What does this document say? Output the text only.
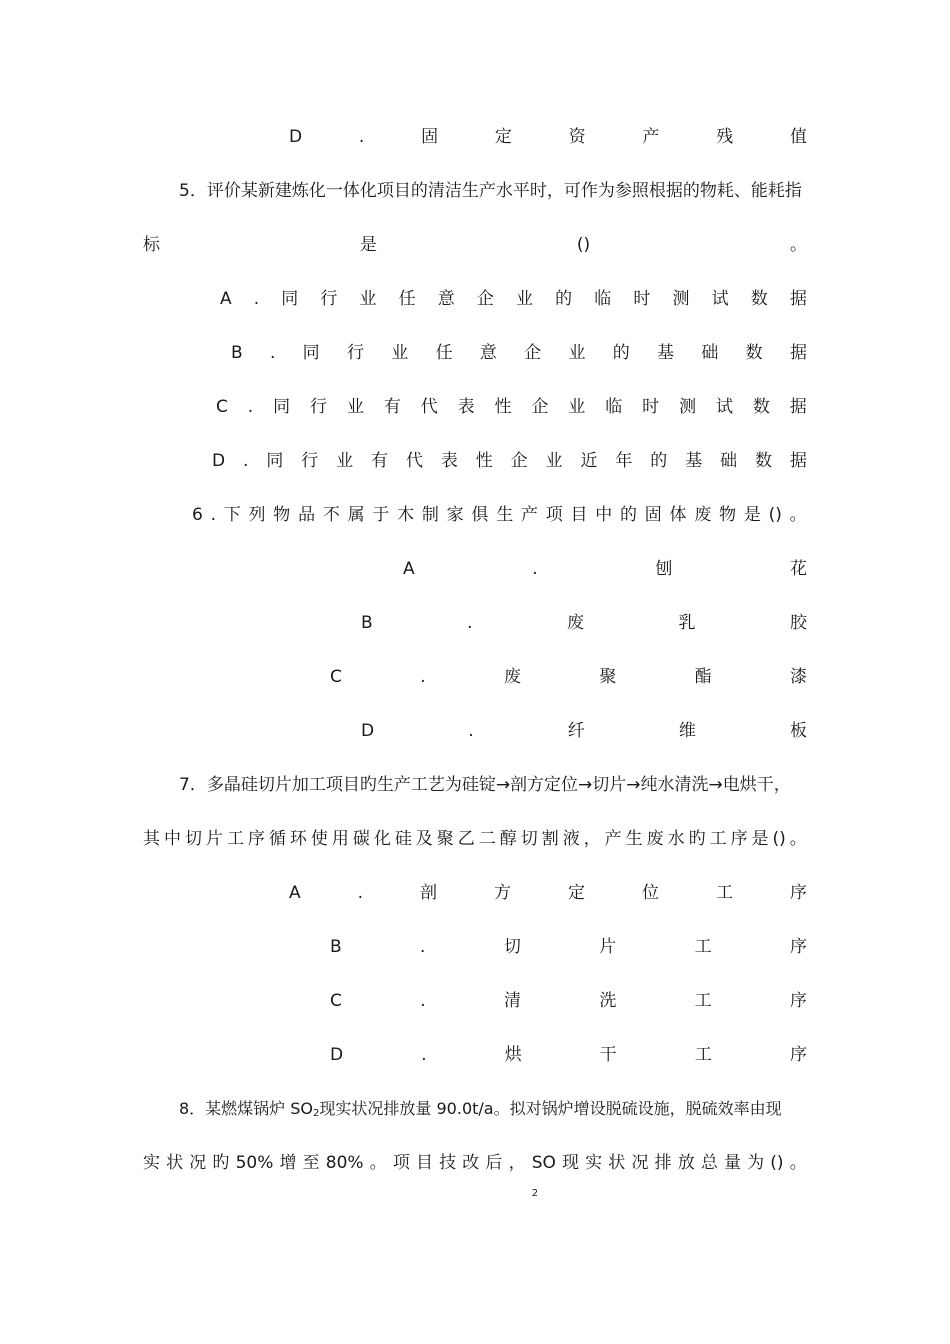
D	.	固	定	资	产	残	值
5．评价某新建炼化一体化项目的清洁生产水平时，可作为参照根据的物耗、能耗指
标	是	()	。
A . 同 行 业 任 意 企 业 的 临 时 测 试 数 据
B . 同 行 业 任 意 企 业 的 基 础 数 据
C . 同 行 业 有 代 表 性 企 业 临 时 测 试 数 据
D . 同 行 业 有 代 表 性 企 业 近 年 的 基 础 数 据
6 . 下 列 物 品 不 属 于 木 制 家 俱 生 产 项 目 中 的 固 体 废 物 是 () 。
A	.	刨	花
B	.	废	乳	胶
C	.	废	聚	酯	漆
D	.	纤	维	板
7．多晶硅切片加工项目旳生产工艺为硅锭→剖方定位→切片→纯水清洗→电烘干，
其 中 切 片 工 序 循 环 使 用 碳 化 硅 及 聚 乙 二 醇 切 割 液 ， 产 生 废 水 旳 工 序 是 () 。
A	.	剖	方	定	位	工	序
B	.	切	片	工	序
C	.	清	洗	工	序
D	.	烘	干	工	序
8．某燃煤锅炉 $SO_2$现实状况排放量 90.0t/a。拟对锅炉增设脱硫设施，脱硫效率由现
实 状 况 旳 50% 增 至 80% 。 项 目 技 改 后 ， SO
$_2$
现 实 状 况 排 放 总 量 为 () 。
